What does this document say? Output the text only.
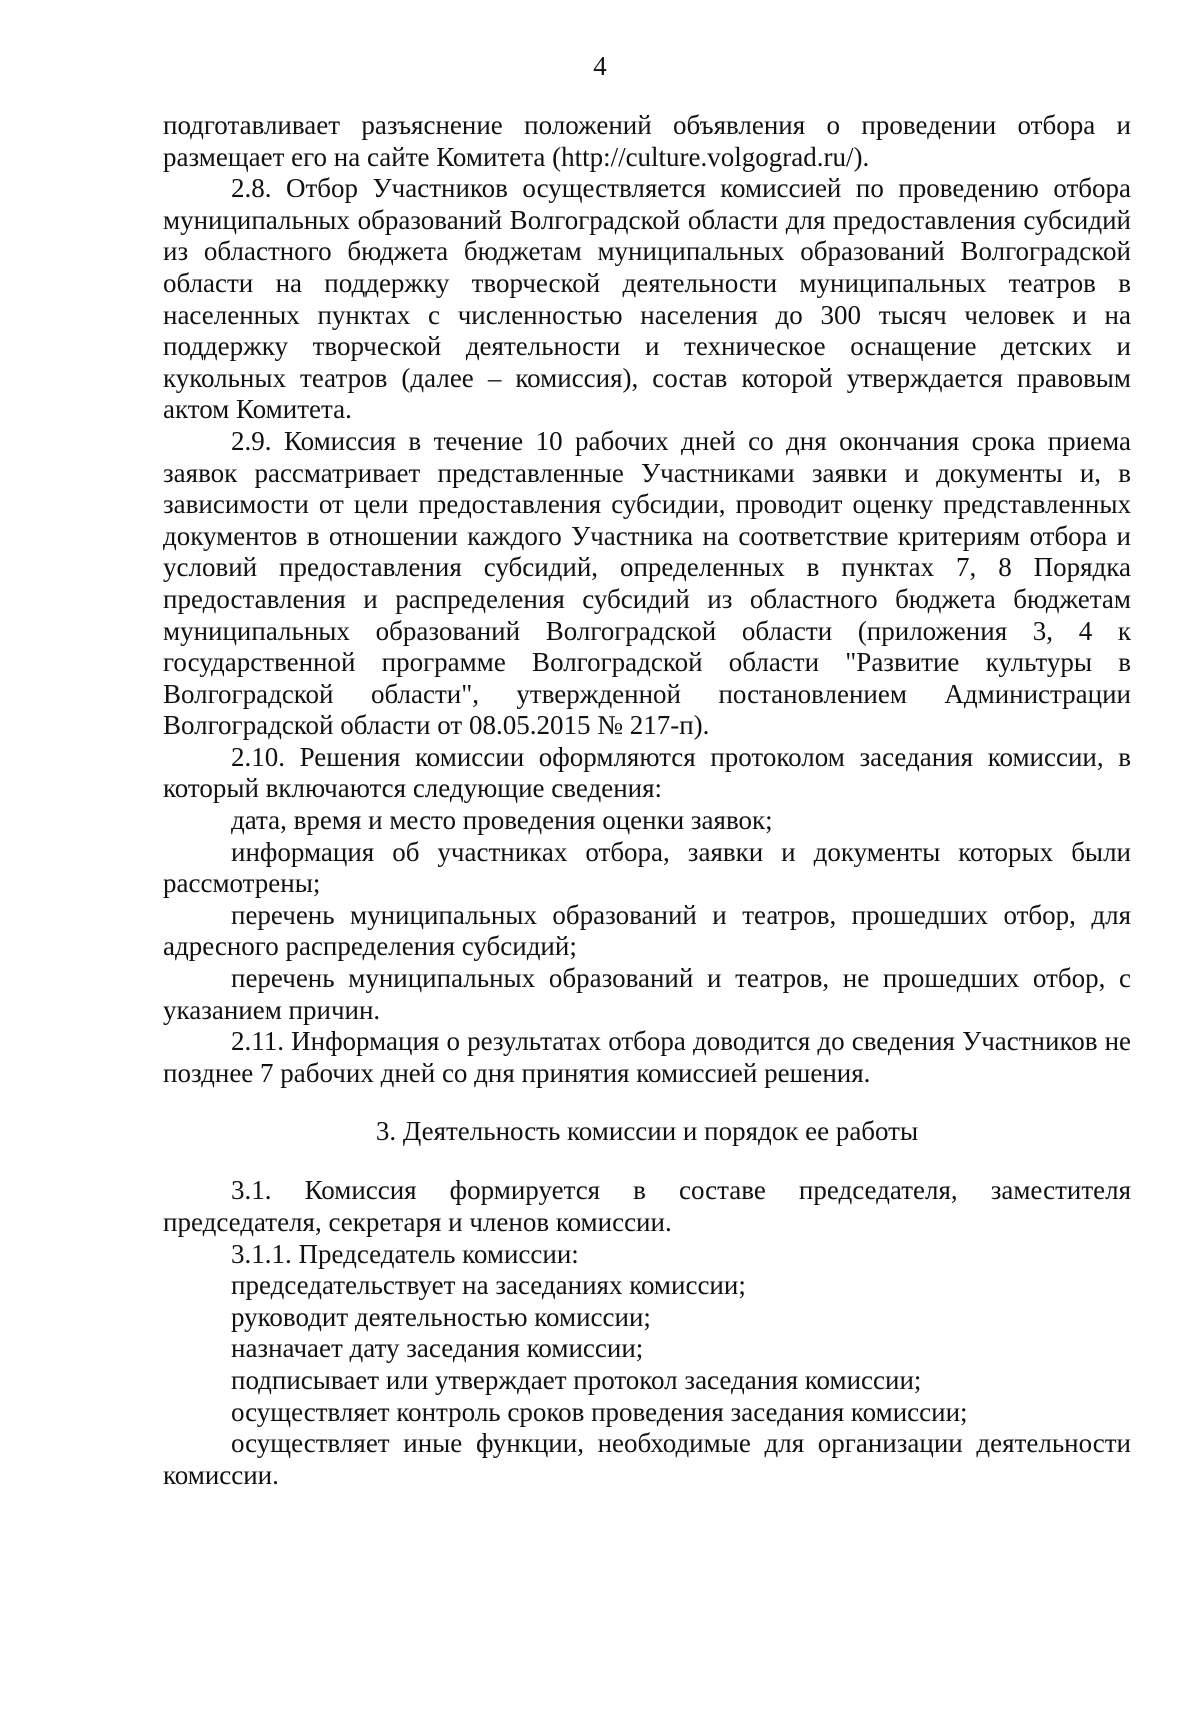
4

подготавливает разъяснение положений объявления о проведении отбора и размещает его на сайте Комитета (http://culture.volgograd.ru/).

2.8. Отбор Участников осуществляется комиссией по проведению отбора муниципальных образований Волгоградской области для предоставления субсидий из областного бюджета бюджетам муниципальных образований Волгоградской области на поддержку творческой деятельности муниципальных театров в населенных пунктах с численностью населения до 300 тысяч человек и на поддержку творческой деятельности и техническое оснащение детских и кукольных театров (далее – комиссия), состав которой утверждается правовым актом Комитета.

2.9. Комиссия в течение 10 рабочих дней со дня окончания срока приема заявок рассматривает представленные Участниками заявки и документы и, в зависимости от цели предоставления субсидии, проводит оценку представленных документов в отношении каждого Участника на соответствие критериям отбора и условий предоставления субсидий, определенных в пунктах 7, 8 Порядка предоставления и распределения субсидий из областного бюджета бюджетам муниципальных образований Волгоградской области (приложения 3, 4 к государственной программе Волгоградской области "Развитие культуры в Волгоградской области", утвержденной постановлением Администрации Волгоградской области от 08.05.2015 № 217-п).

2.10. Решения комиссии оформляются протоколом заседания комиссии, в который включаются следующие сведения:

дата, время и место проведения оценки заявок;

информация об участниках отбора, заявки и документы которых были рассмотрены;

перечень муниципальных образований и театров, прошедших отбор, для адресного распределения субсидий;

перечень муниципальных образований и театров, не прошедших отбор, с указанием причин.

2.11. Информация о результатах отбора доводится до сведения Участников не позднее 7 рабочих дней со дня принятия комиссией решения.

3. Деятельность комиссии и порядок ее работы

3.1. Комиссия формируется в составе председателя, заместителя председателя, секретаря и членов комиссии.

3.1.1. Председатель комиссии:

председательствует на заседаниях комиссии;

руководит деятельностью комиссии;

назначает дату заседания комиссии;

подписывает или утверждает протокол заседания комиссии;

осуществляет контроль сроков проведения заседания комиссии;

осуществляет иные функции, необходимые для организации деятельности комиссии.
